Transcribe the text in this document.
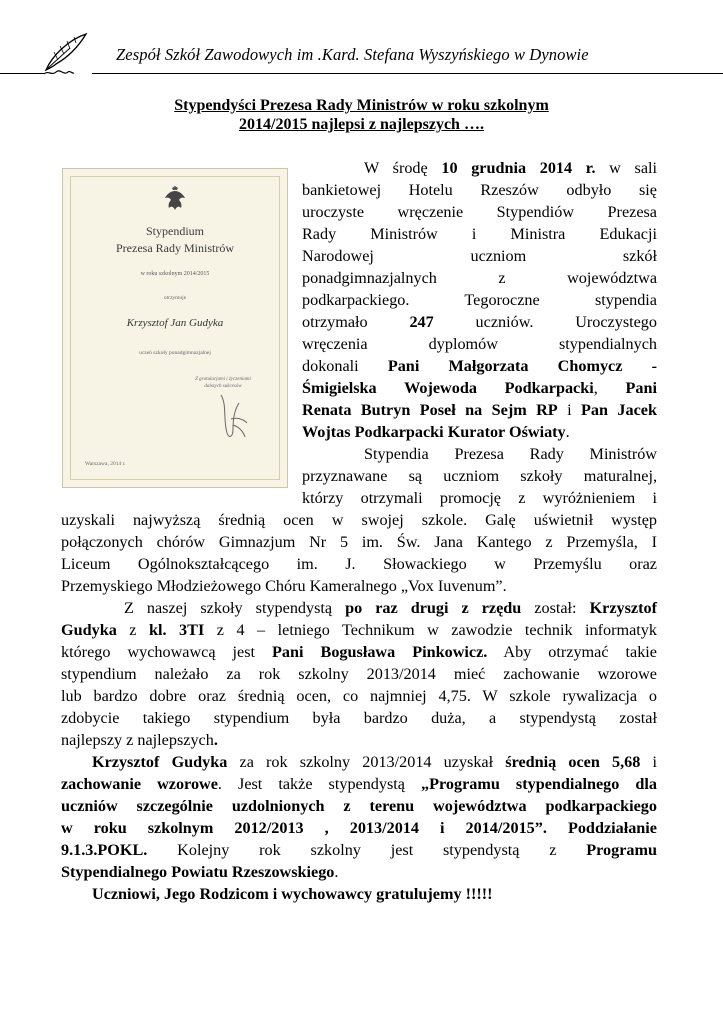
Zespół Szkół Zawodowych im .Kard. Stefana Wyszyńskiego w Dynowie
Stypendyści Prezesa Rady Ministrów w roku szkolnym
2014/2015 najlepsi z najlepszych ….
Stypendium
Prezesa Rady Ministrów
w roku szkolnym 2014/2015
otrzymuje
Krzysztof Jan Gudyka
uczeń szkoły ponadgimnazjalnej
Z gratulacjami i życzeniami
dalszych sukcesów
Warszawa, 2014 r.
W środę 10 grudnia 2014 r. w sali
bankietowej Hotelu Rzeszów odbyło się
uroczyste wręczenie Stypendiów Prezesa
Rady Ministrów i Ministra Edukacji
Narodowej uczniom szkół
ponadgimnazjalnych z województwa
podkarpackiego. Tegoroczne stypendia
otrzymało 247 uczniów. Uroczystego
wręczenia dyplomów stypendialnych
dokonali Pani Małgorzata Chomycz -
Śmigielska Wojewoda Podkarpacki, Pani
Renata Butryn Poseł na Sejm RP i Pan Jacek
Wojtas Podkarpacki Kurator Oświaty.
Stypendia Prezesa Rady Ministrów
przyznawane są uczniom szkoły maturalnej,
którzy otrzymali promocję z wyróżnieniem i
uzyskali najwyższą średnią ocen w swojej szkole. Galę uświetnił występ
połączonych chórów Gimnazjum Nr 5 im. Św. Jana Kantego z Przemyśla, I
Liceum Ogólnokształcącego im. J. Słowackiego w Przemyślu oraz
Przemyskiego Młodzieżowego Chóru Kameralnego „Vox Iuvenum”.
Z naszej szkoły stypendystą po raz drugi z rzędu został: Krzysztof
Gudyka z kl. 3TI z 4 – letniego Technikum w zawodzie technik informatyk
którego wychowawcą jest Pani Bogusława Pinkowicz. Aby otrzymać takie
stypendium należało za rok szkolny 2013/2014 mieć zachowanie wzorowe
lub bardzo dobre oraz średnią ocen, co najmniej 4,75. W szkole rywalizacja o
zdobycie takiego stypendium była bardzo duża, a stypendystą został
najlepszy z najlepszych.
Krzysztof Gudyka za rok szkolny 2013/2014 uzyskał średnią ocen 5,68 i
zachowanie wzorowe. Jest także stypendystą „Programu stypendialnego dla
uczniów szczególnie uzdolnionych z terenu województwa podkarpackiego
w roku szkolnym 2012/2013 , 2013/2014 i 2014/2015”. Poddziałanie
9.1.3.POKL. Kolejny rok szkolny jest stypendystą z Programu
Stypendialnego Powiatu Rzeszowskiego.
Uczniowi, Jego Rodzicom i wychowawcy gratulujemy !!!!!
